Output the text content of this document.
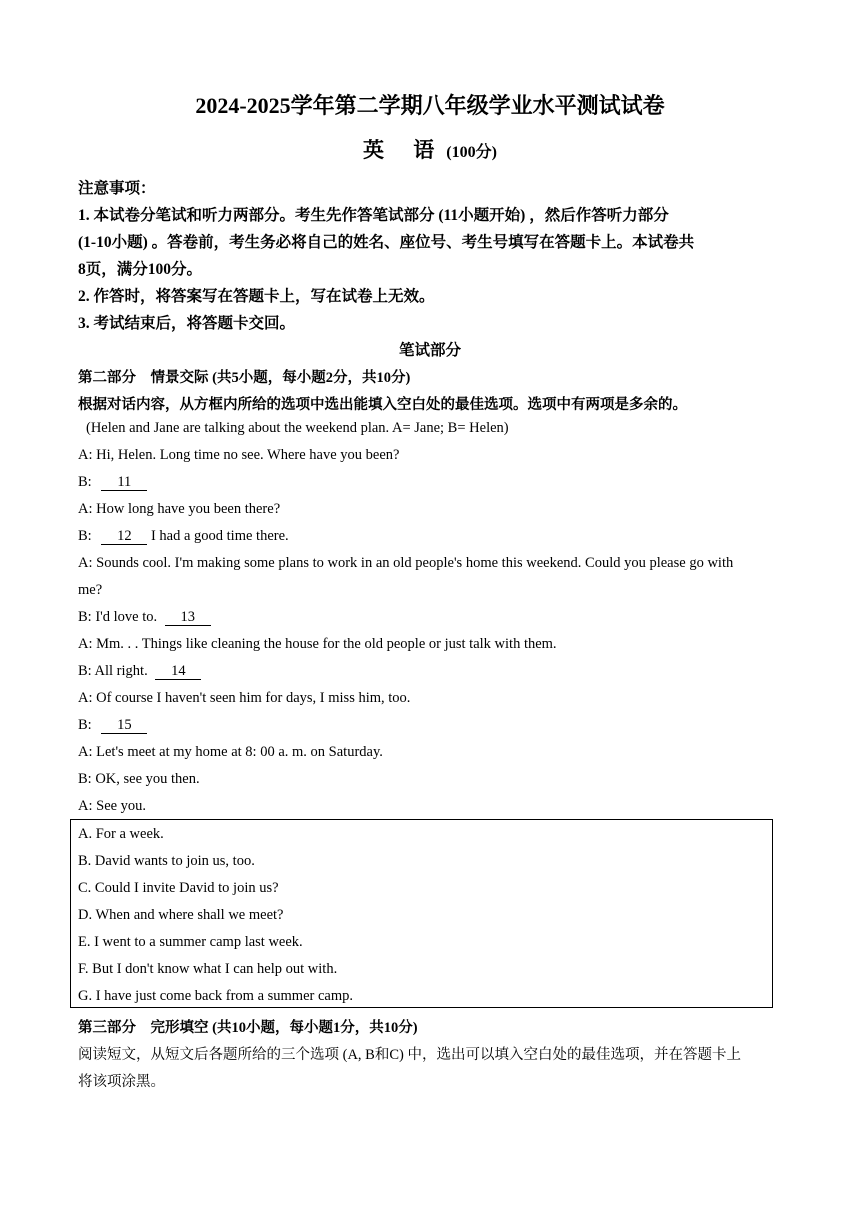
2024-2025学年第二学期八年级学业水平测试试卷
英 语(100分)
注意事项：
1. 本试卷分笔试和听力两部分。考生先作答笔试部分 (11小题开始) ，然后作答听力部分
(1-10小题) 。答卷前，考生务必将自己的姓名、座位号、考生号填写在答题卡上。本试卷共
8页，满分100分。
2. 作答时，将答案写在答题卡上，写在试卷上无效。
3. 考试结束后，将答题卡交回。
笔试部分
第二部分　情景交际 (共5小题，每小题2分，共10分)
根据对话内容，从方框内所给的选项中选出能填入空白处的最佳选项。选项中有两项是多余的。
(Helen and Jane are talking about the weekend plan. A= Jane; B= Helen)
A: Hi, Helen. Long time no see. Where have you been?
B: 11
A: How long have you been there?
B: 12 I had a good time there.
A: Sounds cool. I'm making some plans to work in an old people's home this weekend. Could you please go with
me?
B: I'd love to. 13
A: Mm. . . Things like cleaning the house for the old people or just talk with them.
B: All right. 14
A: Of course I haven't seen him for days, I miss him, too.
B: 15
A: Let's meet at my home at 8: 00 a. m. on Saturday.
B: OK, see you then.
A: See you.
A. For a week.
B. David wants to join us, too.
C. Could I invite David to join us?
D. When and where shall we meet?
E. I went to a summer camp last week.
F. But I don't know what I can help out with.
G. I have just come back from a summer camp.
第三部分　完形填空 (共10小题，每小题1分，共10分)
阅读短文，从短文后各题所给的三个选项 (A, B和C) 中，选出可以填入空白处的最佳选项，并在答题卡上
将该项涂黑。
